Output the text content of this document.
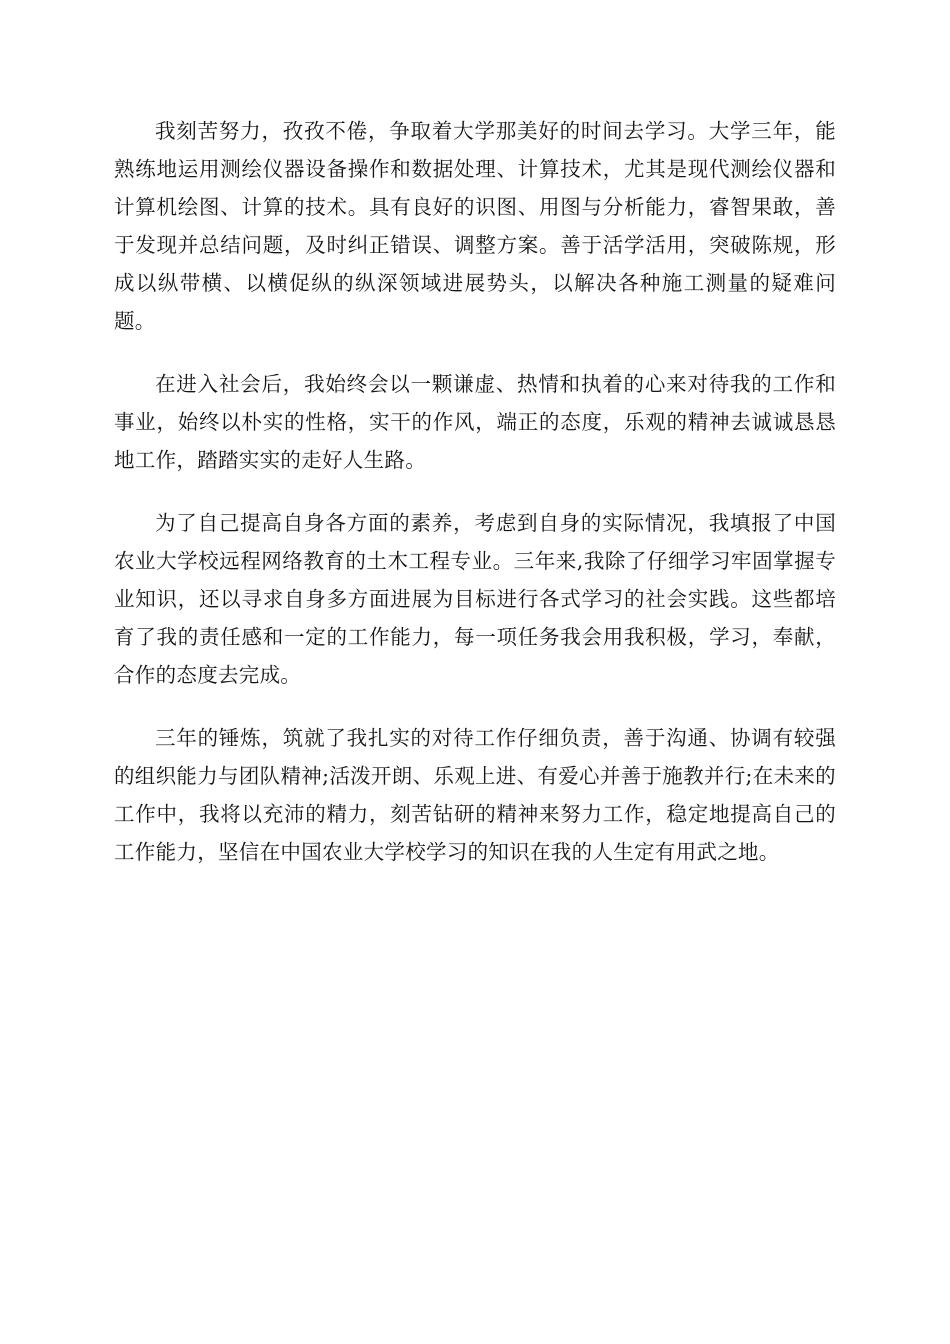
我刻苦努力，孜孜不倦，争取着大学那美好的时间去学习。大学三年，能熟练地运用测绘仪器设备操作和数据处理、计算技术，尤其是现代测绘仪器和计算机绘图、计算的技术。具有良好的识图、用图与分析能力，睿智果敢，善于发现并总结问题，及时纠正错误、调整方案。善于活学活用，突破陈规，形成以纵带横、以横促纵的纵深领域进展势头，以解决各种施工测量的疑难问题。

在进入社会后，我始终会以一颗谦虚、热情和执着的心来对待我的工作和事业，始终以朴实的性格，实干的作风，端正的态度，乐观的精神去诚诚恳恳地工作，踏踏实实的走好人生路。

为了自己提高自身各方面的素养，考虑到自身的实际情况，我填报了中国农业大学校远程网络教育的土木工程专业。三年来,我除了仔细学习牢固掌握专业知识，还以寻求自身多方面进展为目标进行各式学习的社会实践。这些都培育了我的责任感和一定的工作能力，每一项任务我会用我积极，学习，奉献，合作的态度去完成。

三年的锤炼，筑就了我扎实的对待工作仔细负责，善于沟通、协调有较强的组织能力与团队精神;活泼开朗、乐观上进、有爱心并善于施教并行;在未来的工作中，我将以充沛的精力，刻苦钻研的精神来努力工作，稳定地提高自己的工作能力，坚信在中国农业大学校学习的知识在我的人生定有用武之地。
